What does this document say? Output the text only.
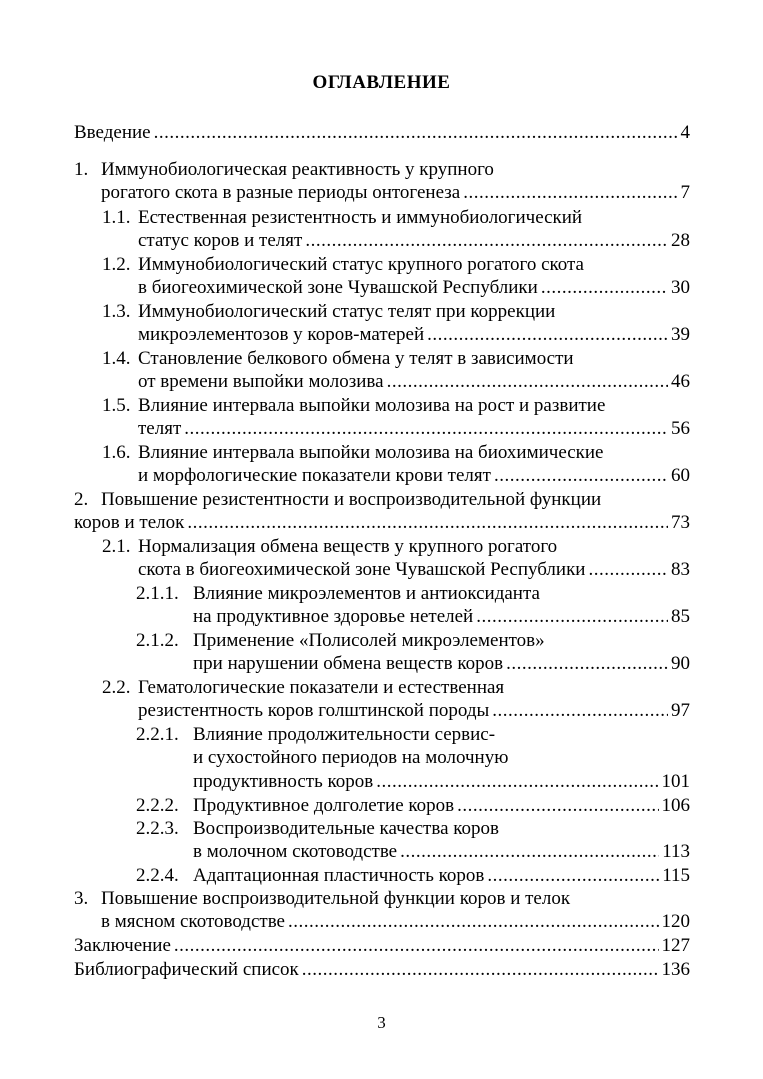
ОГЛАВЛЕНИЕ
Введение .....	4
1. Иммунобиологическая реактивность у крупного
рогатого скота в разные периоды онтогенеза .....	7
1.1. Естественная резистентность и иммунобиологический
статус коров и телят .....	28
1.2. Иммунобиологический статус крупного рогатого скота
в биогеохимической зоне Чувашской Республики .....	30
1.3. Иммунобиологический статус телят при коррекции
микроэлементозов у коров-матерей .....	39
1.4. Становление белкового обмена у телят в зависимости
от времени выпойки молозива .....	46
1.5. Влияние интервала выпойки молозива на рост и развитие
телят .....	56
1.6. Влияние интервала выпойки молозива на биохимические
и морфологические показатели крови телят .....	60
2. Повышение резистентности и воспроизводительной функции
коров и телок .....	73
2.1. Нормализация обмена веществ у крупного рогатого
скота в биогеохимической зоне Чувашской Республики .....	83
2.1.1. Влияние микроэлементов и антиоксиданта
на продуктивное здоровье нетелей .....	85
2.1.2. Применение «Полисолей микроэлементов»
при нарушении обмена веществ коров .....	90
2.2. Гематологические показатели и естественная
резистентность коров голштинской породы .....	97
2.2.1. Влияние продолжительности сервис-
и сухостойного периодов на молочную
продуктивность коров .....	101
2.2.2. Продуктивное долголетие коров .....	106
2.2.3. Воспроизводительные качества коров
в молочном скотоводстве .....	113
2.2.4. Адаптационная пластичность коров .....	115
3. Повышение воспроизводительной функции коров и телок
в мясном скотоводстве .....	120
Заключение .....	127
Библиографический список .....	136
3
